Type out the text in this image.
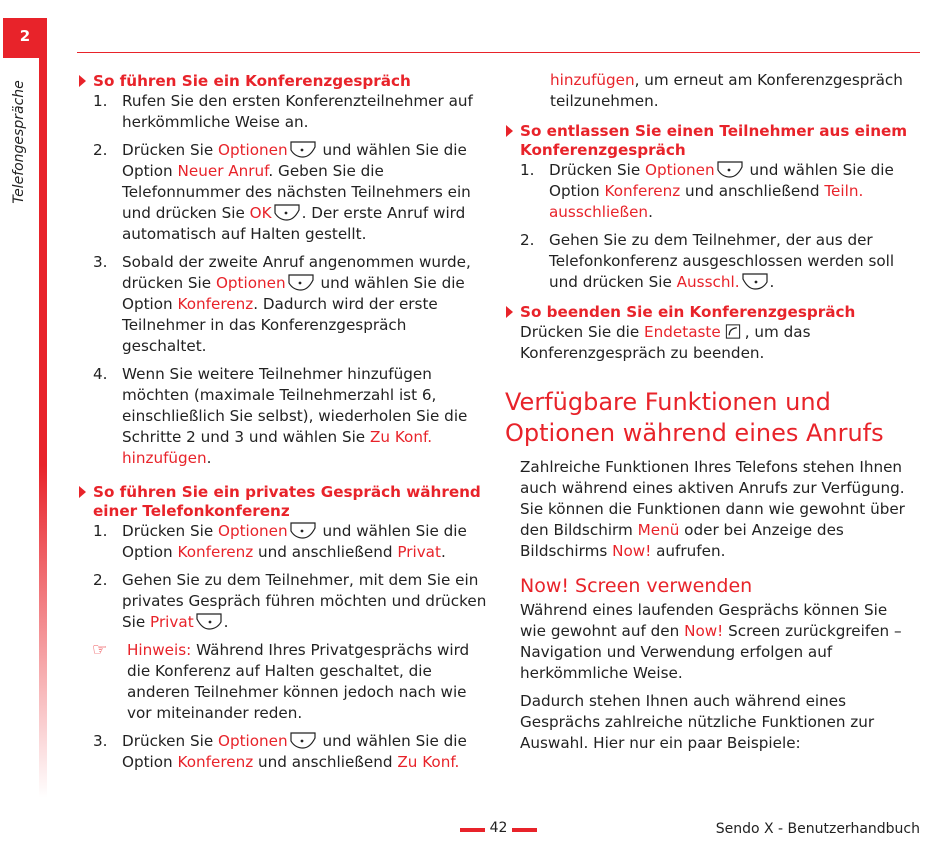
2
Telefongespräche	So führen Sie ein Konferenzgespräch
1. Rufen Sie den ersten Konferenzteilnehmer auf herkömmliche Weise an.
2. Drücken Sie Optionen und wählen Sie die Option Neuer Anruf. Geben Sie die Telefonnummer des nächsten Teilnehmers ein und drücken Sie OK . Der erste Anruf wird automatisch auf Halten gestellt.
3. Sobald der zweite Anruf angenommen wurde, drücken Sie Optionen und wählen Sie die Option Konferenz. Dadurch wird der erste Teilnehmer in das Konferenzgespräch geschaltet.
4. Wenn Sie weitere Teilnehmer hinzufügen möchten (maximale Teilnehmerzahl ist 6, einschließlich Sie selbst), wiederholen Sie die Schritte 2 und 3 und wählen Sie Zu Konf. hinzufügen.
So führen Sie ein privates Gespräch während einer Telefonkonferenz
1. Drücken Sie Optionen und wählen Sie die Option Konferenz und anschließend Privat.
2. Gehen Sie zu dem Teilnehmer, mit dem Sie ein privates Gespräch führen möchten und drücken Sie Privat .
☞ Hinweis: Während Ihres Privatgesprächs wird die Konferenz auf Halten geschaltet, die anderen Teilnehmer können jedoch nach wie vor miteinander reden.
3. Drücken Sie Optionen und wählen Sie die Option Konferenz und anschließend Zu Konf.

hinzufügen, um erneut am Konferenzgespräch teilzunehmen.

So entlassen Sie einen Teilnehmer aus einem Konferenzgespräch
1. Drücken Sie Optionen und wählen Sie die Option Konferenz und anschließend Teiln. ausschließen.
2. Gehen Sie zu dem Teilnehmer, der aus der Telefonkonferenz ausgeschlossen werden soll und drücken Sie Ausschl. .
So beenden Sie ein Konferenzgespräch

Drücken Sie die Endetaste , um das Konferenzgespräch zu beenden.

Verfügbare Funktionen und Optionen während eines Anrufs

Zahlreiche Funktionen Ihres Telefons stehen Ihnen auch während eines aktiven Anrufs zur Verfügung. Sie können die Funktionen dann wie gewohnt über den Bildschirm Menü oder bei Anzeige des Bildschirms Now! aufrufen.

Now! Screen verwenden

Während eines laufenden Gesprächs können Sie wie gewohnt auf den Now! Screen zurückgreifen – Navigation und Verwendung erfolgen auf herkömmliche Weise.

Dadurch stehen Ihnen auch während eines Gesprächs zahlreiche nützliche Funktionen zur Auswahl. Hier nur ein paar Beispiele:

42	Sendo X - Benutzerhandbuch
